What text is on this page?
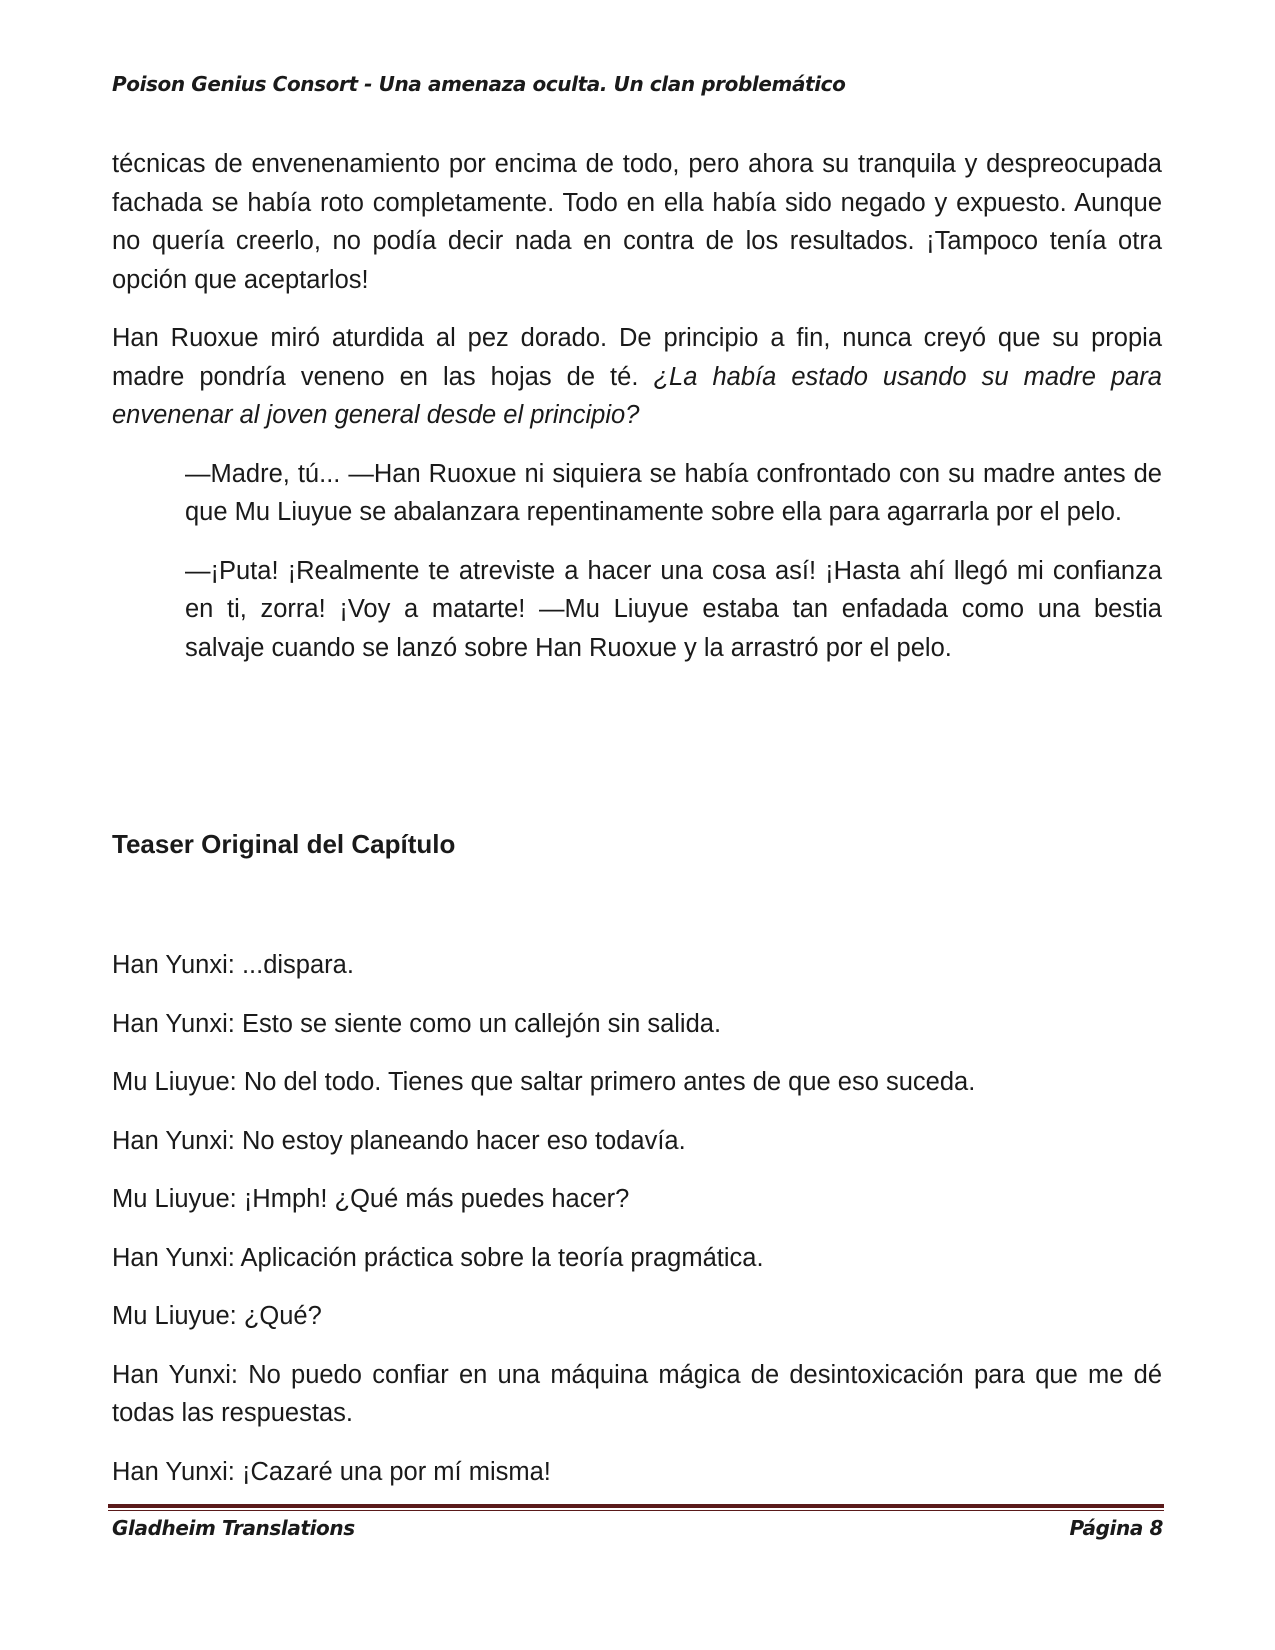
Poison Genius Consort - Una amenaza oculta. Un clan problemático

técnicas de envenenamiento por encima de todo, pero ahora su tranquila y despreocupada fachada se había roto completamente. Todo en ella había sido negado y expuesto. Aunque no quería creerlo, no podía decir nada en contra de los resultados. ¡Tampoco tenía otra opción que aceptarlos!

Han Ruoxue miró aturdida al pez dorado. De principio a fin, nunca creyó que su propia madre pondría veneno en las hojas de té. ¿La había estado usando su madre para envenenar al joven general desde el principio?

—Madre, tú... —Han Ruoxue ni siquiera se había confrontado con su madre antes de que Mu Liuyue se abalanzara repentinamente sobre ella para agarrarla por el pelo.

—¡Puta! ¡Realmente te atreviste a hacer una cosa así! ¡Hasta ahí llegó mi confianza en ti, zorra! ¡Voy a matarte! —Mu Liuyue estaba tan enfadada como una bestia salvaje cuando se lanzó sobre Han Ruoxue y la arrastró por el pelo.

Teaser Original del Capítulo

Han Yunxi: ...dispara.

Han Yunxi: Esto se siente como un callejón sin salida.

Mu Liuyue: No del todo. Tienes que saltar primero antes de que eso suceda.

Han Yunxi: No estoy planeando hacer eso todavía.

Mu Liuyue: ¡Hmph! ¿Qué más puedes hacer?

Han Yunxi: Aplicación práctica sobre la teoría pragmática.

Mu Liuyue: ¿Qué?

Han Yunxi: No puedo confiar en una máquina mágica de desintoxicación para que me dé todas las respuestas.

Han Yunxi: ¡Cazaré una por mí misma!

Gladheim Translations	Página 8
